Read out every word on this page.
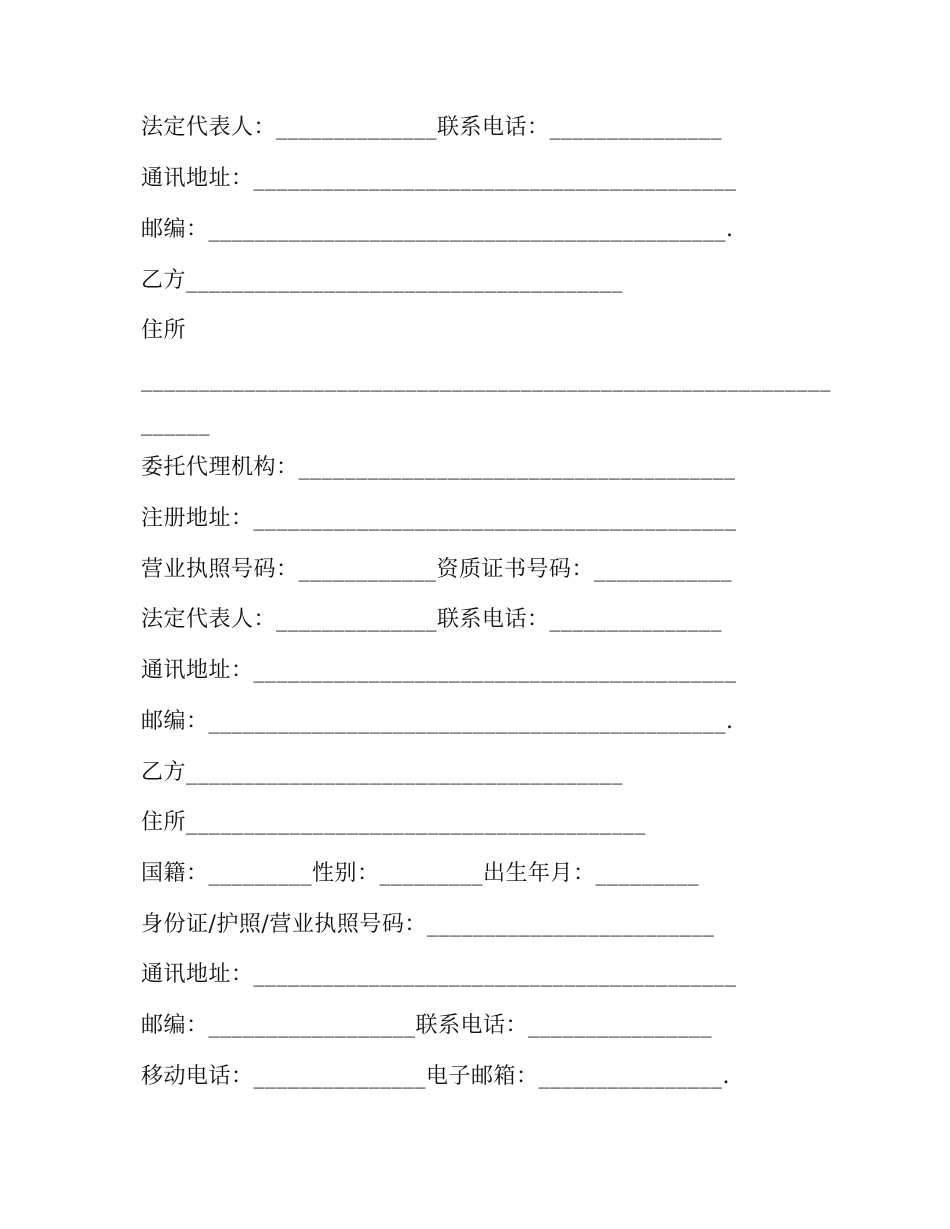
法定代表人：______________联系电话：_______________
通讯地址：__________________________________________
邮编：_____________________________________________.
乙方______________________________________
住所
____________________________________________________________
______
委托代理机构：______________________________________
注册地址：__________________________________________
营业执照号码：____________资质证书号码：____________
法定代表人：______________联系电话：_______________
通讯地址：__________________________________________
邮编：_____________________________________________.
乙方______________________________________
住所________________________________________
国籍：_________性别：_________出生年月：_________
身份证/护照/营业执照号码：_________________________
通讯地址：__________________________________________
邮编：__________________联系电话：________________
移动电话：_______________电子邮箱：________________.
